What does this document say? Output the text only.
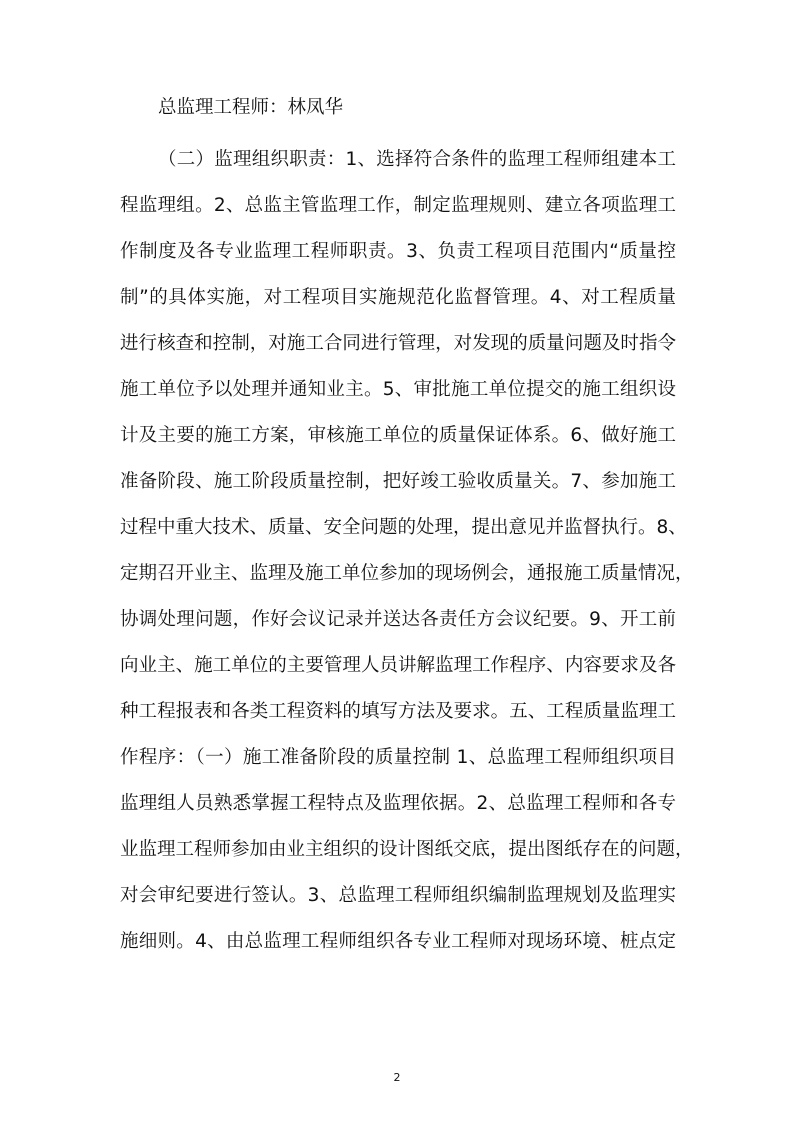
总监理工程师：林凤华
（二）监理组织职责：1、选择符合条件的监理工程师组建本工
程监理组。2、总监主管监理工作，制定监理规则、建立各项监理工
作制度及各专业监理工程师职责。3、负责工程项目范围内“质量控
制”的具体实施，对工程项目实施规范化监督管理。4、对工程质量
进行核查和控制，对施工合同进行管理，对发现的质量问题及时指令
施工单位予以处理并通知业主。5、审批施工单位提交的施工组织设
计及主要的施工方案，审核施工单位的质量保证体系。6、做好施工
准备阶段、施工阶段质量控制，把好竣工验收质量关。7、参加施工
过程中重大技术、质量、安全问题的处理，提出意见并监督执行。8、
定期召开业主、监理及施工单位参加的现场例会，通报施工质量情况，
协调处理问题，作好会议记录并送达各责任方会议纪要。9、开工前
向业主、施工单位的主要管理人员讲解监理工作程序、内容要求及各
种工程报表和各类工程资料的填写方法及要求。五、工程质量监理工
作程序：（一）施工准备阶段的质量控制 1、总监理工程师组织项目
监理组人员熟悉掌握工程特点及监理依据。2、总监理工程师和各专
业监理工程师参加由业主组织的设计图纸交底，提出图纸存在的问题，
对会审纪要进行签认。3、总监理工程师组织编制监理规划及监理实
施细则。4、由总监理工程师组织各专业工程师对现场环境、桩点定
2
